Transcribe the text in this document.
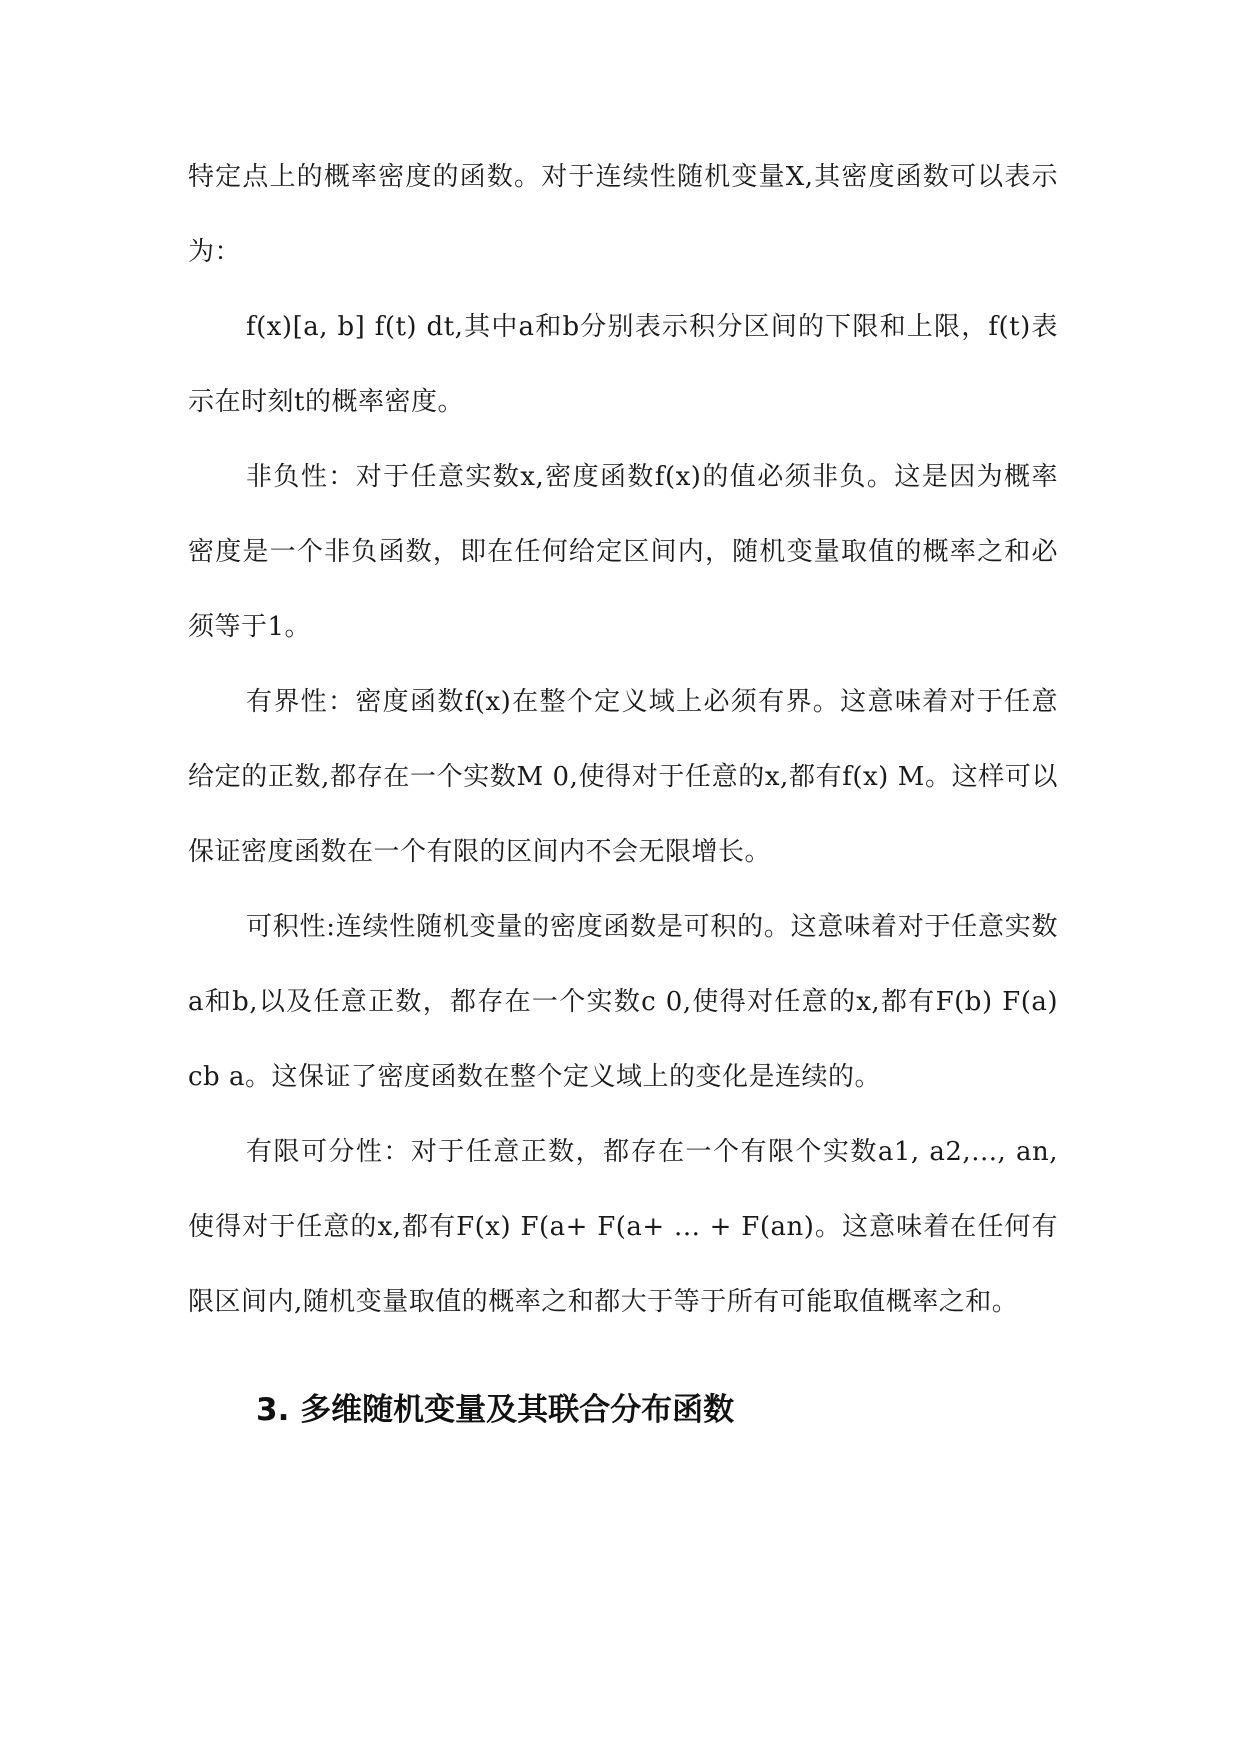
特定点上的概率密度的函数。对于连续性随机变量X,其密度函数可以表示为：

f(x)[a, b] f(t) dt,其中a和b分别表示积分区间的下限和上限，f(t)表示在时刻t的概率密度。

非负性：对于任意实数x,密度函数f(x)的值必须非负。这是因为概率密度是一个非负函数，即在任何给定区间内，随机变量取值的概率之和必须等于1。

有界性：密度函数f(x)在整个定义域上必须有界。这意味着对于任意给定的正数,都存在一个实数M 0,使得对于任意的x,都有f(x) M。这样可以保证密度函数在一个有限的区间内不会无限增长。

可积性:连续性随机变量的密度函数是可积的。这意味着对于任意实数a和b,以及任意正数，都存在一个实数c 0,使得对任意的x,都有F(b) F(a) cb a。这保证了密度函数在整个定义域上的变化是连续的。

有限可分性：对于任意正数，都存在一个有限个实数a1, a2,..., an,使得对于任意的x,都有F(x) F(a+ F(a+ ... + F(an)。这意味着在任何有限区间内,随机变量取值的概率之和都大于等于所有可能取值概率之和。

3. 多维随机变量及其联合分布函数
